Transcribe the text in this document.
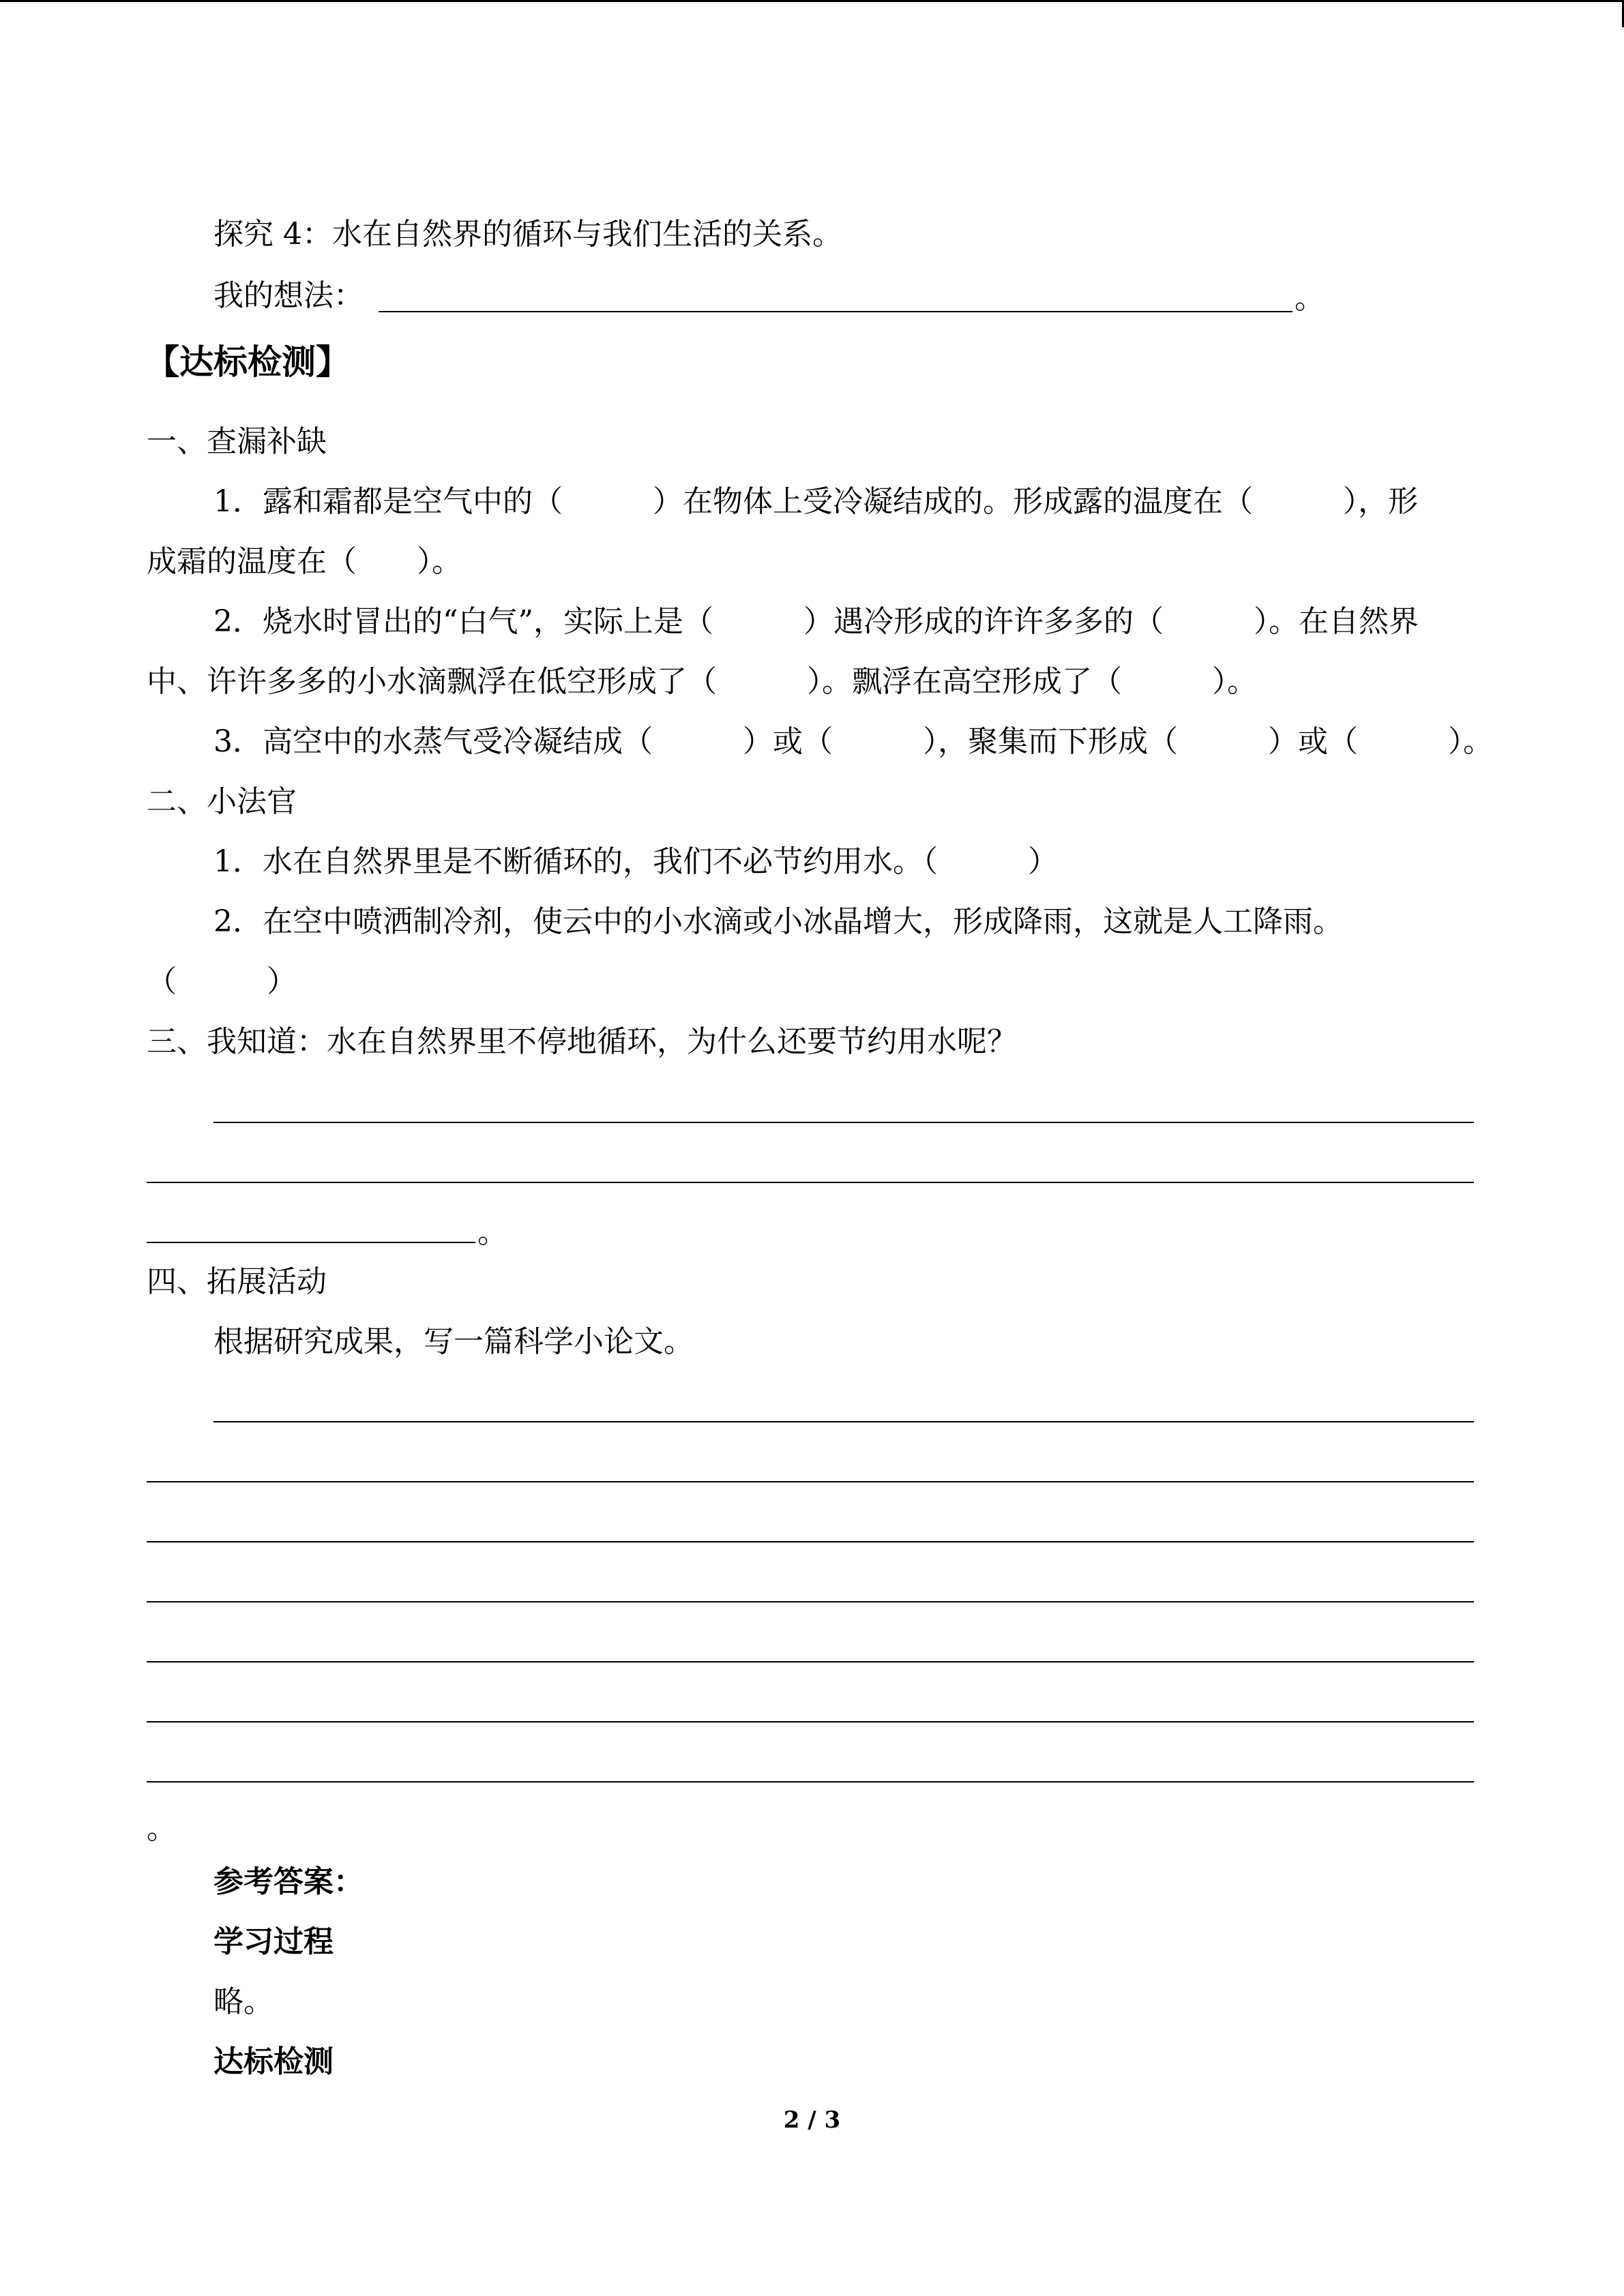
探究 4：水在自然界的循环与我们生活的关系。
我的想法：	。
【达标检测】
一、查漏补缺
1．露和霜都是空气中的（　　　）在物体上受冷凝结成的。形成露的温度在（　　　），形
成霜的温度在（　　）。
2．烧水时冒出的“白气”，实际上是（　　　）遇冷形成的许许多多的（　　　）。在自然界
中、许许多多的小水滴飘浮在低空形成了（　　　）。飘浮在高空形成了（　　　）。
3．高空中的水蒸气受冷凝结成（　　　）或（　　　），聚集而下形成（　　　）或（　　　）。
二、小法官
1．水在自然界里是不断循环的，我们不必节约用水。（　　　）
2．在空中喷洒制冷剂，使云中的小水滴或小冰晶增大，形成降雨，这就是人工降雨。
（　　　）
三、我知道：水在自然界里不停地循环，为什么还要节约用水呢？
。
四、拓展活动
根据研究成果，写一篇科学小论文。
。
参考答案：
学习过程
略。
达标检测
2 / 3
